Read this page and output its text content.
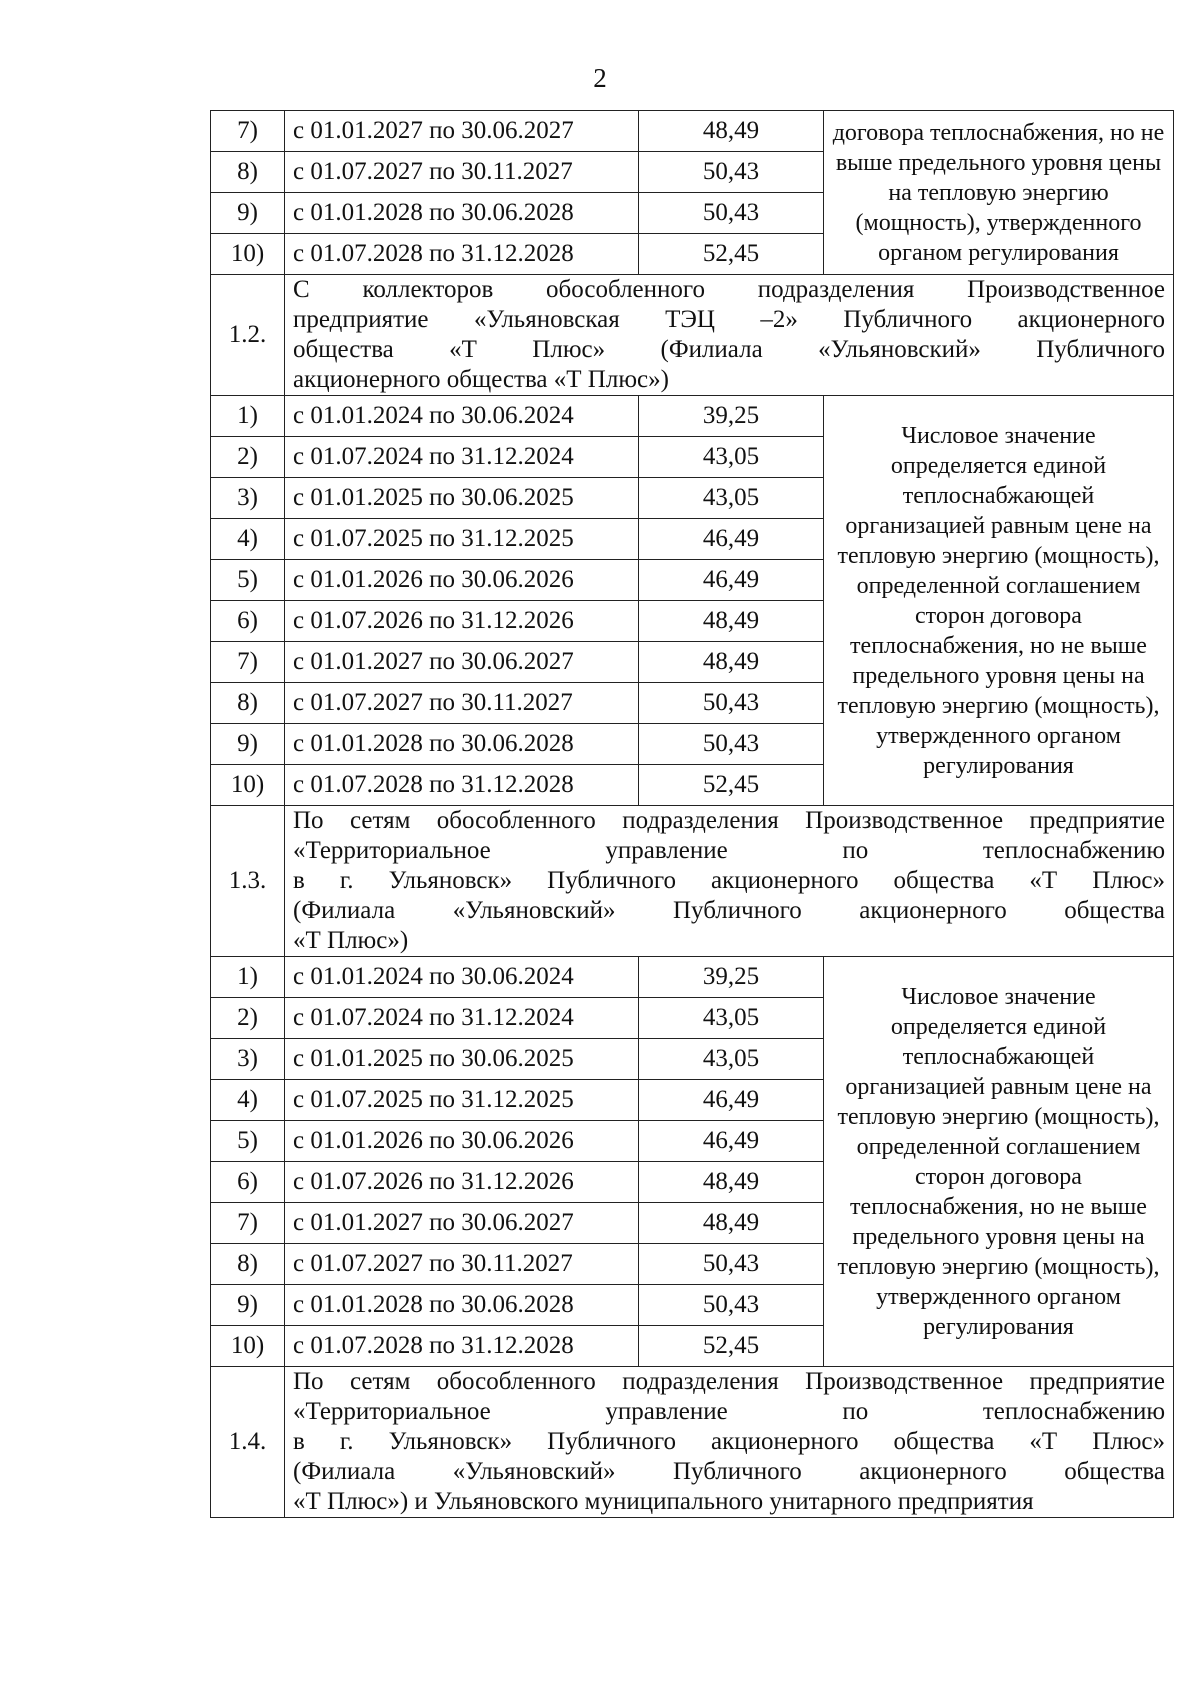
2
7)	с 01.01.2027 по 30.06.2027	48,49	договора теплоснабжения, но не выше предельного уровня цены на тепловую энергию (мощность), утвержденного органом регулирования
8)	с 01.07.2027 по 30.11.2027	50,43	
9)	с 01.01.2028 по 30.06.2028	50,43	
10)	с 01.07.2028 по 31.12.2028	52,45	
1.2.	С коллекторов обособленного подразделения Производственное
предприятие «Ульяновская ТЭЦ –2» Публичного акционерного
общества «Т Плюс» (Филиала «Ульяновский» Публичного

акционерного общества «Т Плюс»)		

1)	с 01.01.2024 по 30.06.2024	39,25	Числовое значение определяется единой теплоснабжающей организацией равным цене на тепловую энергию (мощность), определенной соглашением сторон договора теплоснабжения, но не выше предельного уровня цены на тепловую энергию (мощность), утвержденного органом регулирования
2)	с 01.07.2024 по 31.12.2024	43,05	
3)	с 01.01.2025 по 30.06.2025	43,05	
4)	с 01.07.2025 по 31.12.2025	46,49	
5)	с 01.01.2026 по 30.06.2026	46,49	
6)	с 01.07.2026 по 31.12.2026	48,49	
7)	с 01.01.2027 по 30.06.2027	48,49	
8)	с 01.07.2027 по 30.11.2027	50,43	
9)	с 01.01.2028 по 30.06.2028	50,43	
10)	с 01.07.2028 по 31.12.2028	52,45	
1.3.	По сетям обособленного подразделения Производственное предприятие
«Территориальное управление по теплоснабжению
в г. Ульяновск» Публичного акционерного общества «Т Плюс»
(Филиала «Ульяновский» Публичного акционерного общества

«Т Плюс»)		

1)	с 01.01.2024 по 30.06.2024	39,25	Числовое значение определяется единой теплоснабжающей организацией равным цене на тепловую энергию (мощность), определенной соглашением сторон договора теплоснабжения, но не выше предельного уровня цены на тепловую энергию (мощность), утвержденного органом регулирования
2)	с 01.07.2024 по 31.12.2024	43,05	
3)	с 01.01.2025 по 30.06.2025	43,05	
4)	с 01.07.2025 по 31.12.2025	46,49	
5)	с 01.01.2026 по 30.06.2026	46,49	
6)	с 01.07.2026 по 31.12.2026	48,49	
7)	с 01.01.2027 по 30.06.2027	48,49	
8)	с 01.07.2027 по 30.11.2027	50,43	
9)	с 01.01.2028 по 30.06.2028	50,43	
10)	с 01.07.2028 по 31.12.2028	52,45	
1.4.	По сетям обособленного подразделения Производственное предприятие
«Территориальное управление по теплоснабжению
в г. Ульяновск» Публичного акционерного общества «Т Плюс»
(Филиала «Ульяновский» Публичного акционерного общества

«Т Плюс») и Ульяновского муниципального унитарного предприятия		
